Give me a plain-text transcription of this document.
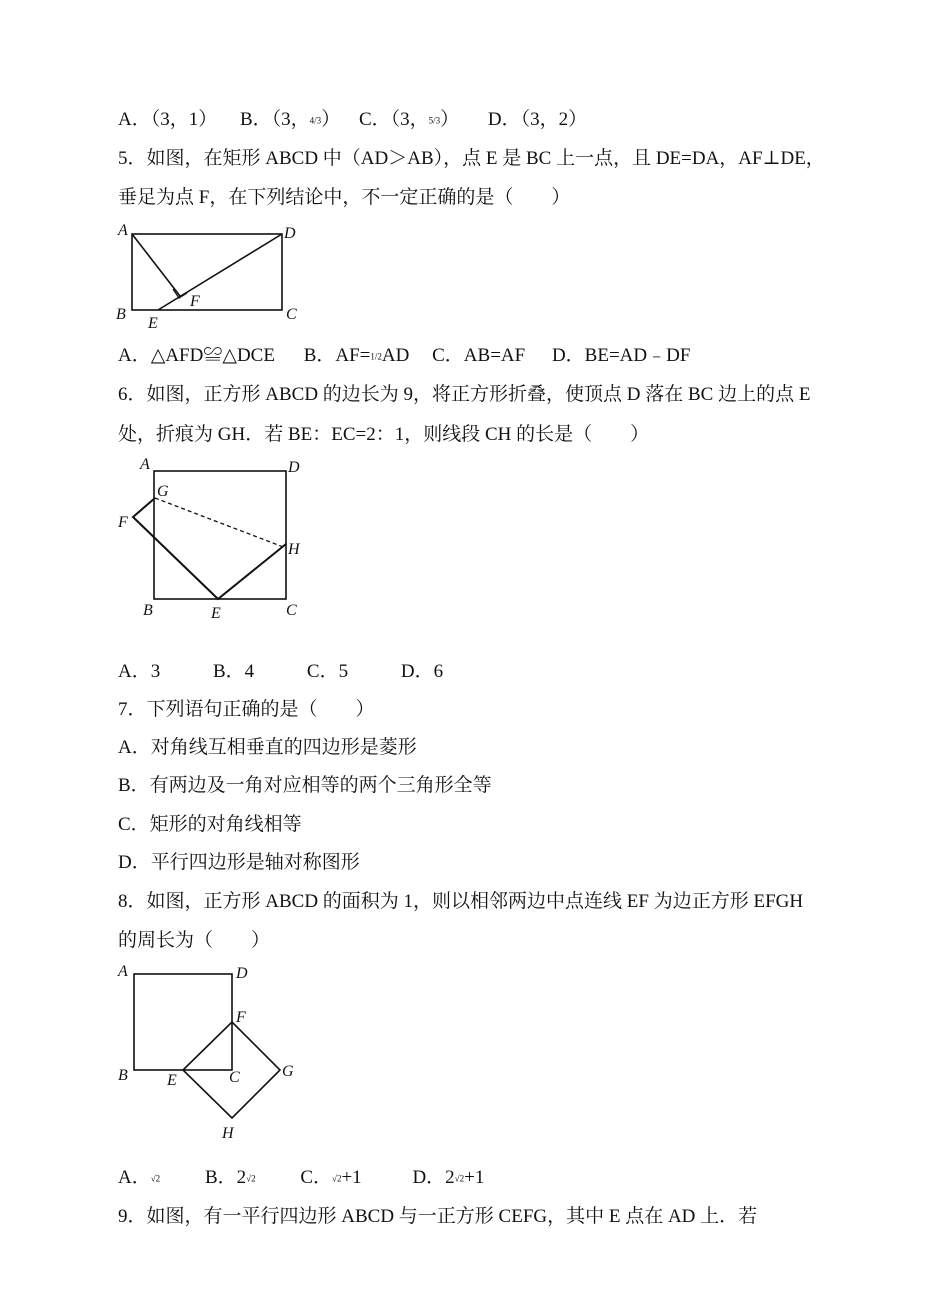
A．（3，1） B．（3，4/3） C．（3，5/3） D．（3，2）
5．如图，在矩形 ABCD 中（AD＞AB），点 E 是 BC 上一点，且 DE=DA，AF⊥DE，
垂足为点 F，在下列结论中，不一定正确的是（　　）
A	D
B	C
E
F
A．△AFD≌△DCE B．AF=1/2AD C．AB=AF D．BE=AD﹣DF
6．如图，正方形 ABCD 的边长为 9，将正方形折叠，使顶点 D 落在 BC 边上的点 E
处，折痕为 GH．若 BE：EC=2：1，则线段 CH 的长是（　　）
A	D
G
F
H
B	E	C
A．3	B．4	C．5	D．6
7．下列语句正确的是（　　）
A．对角线互相垂直的四边形是菱形
B．有两边及一角对应相等的两个三角形全等
C．矩形的对角线相等
D．平行四边形是轴对称图形
8．如图，正方形 ABCD 的面积为 1，则以相邻两边中点连线 EF 为边正方形 EFGH
的周长为（　　）
A	D
F
G
B E	C
H
A．√2 B．2√2 C．√2+1	D．2√2+1
9．如图，有一平行四边形 ABCD 与一正方形 CEFG，其中 E 点在 AD 上．若
